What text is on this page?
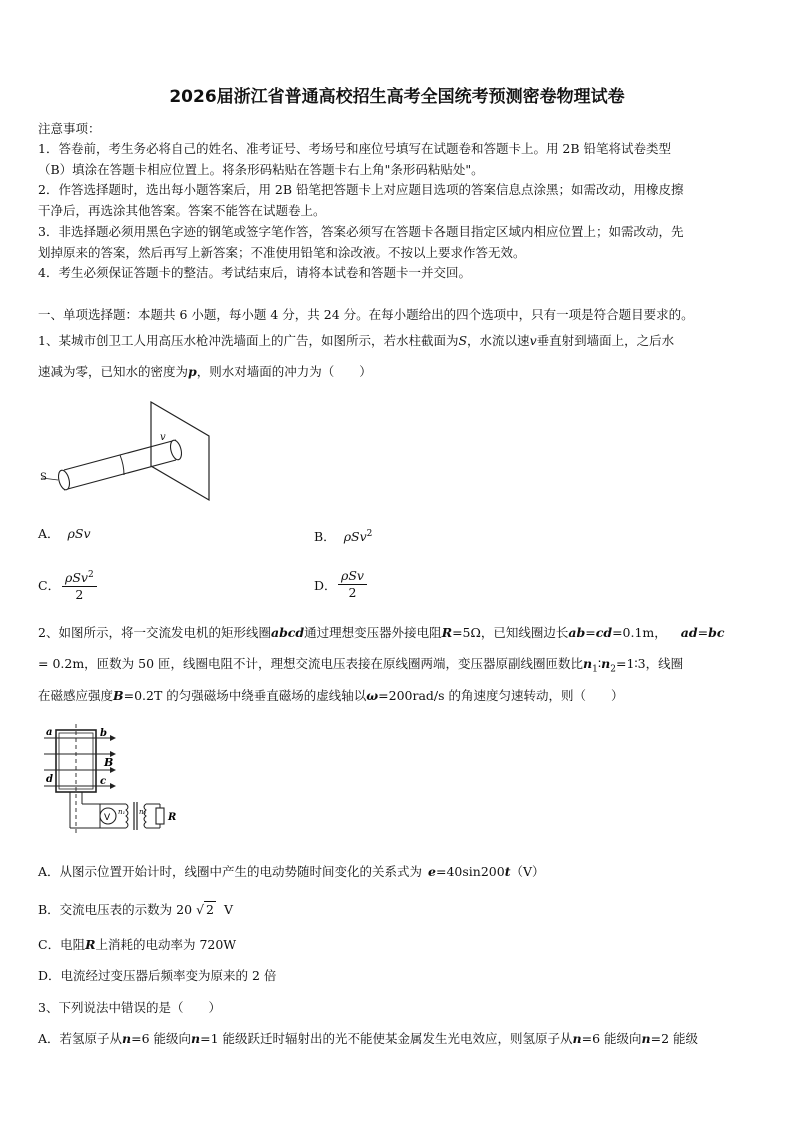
2026届浙江省普通高校招生高考全国统考预测密卷物理试卷
注意事项：
1．答卷前，考生务必将自己的姓名、准考证号、考场号和座位号填写在试题卷和答题卡上。用 2B 铅笔将试卷类型
（B）填涂在答题卡相应位置上。将条形码粘贴在答题卡右上角"条形码粘贴处"。
2．作答选择题时，选出每小题答案后，用 2B 铅笔把答题卡上对应题目选项的答案信息点涂黑；如需改动，用橡皮擦
干净后，再选涂其他答案。答案不能答在试题卷上。
3．非选择题必须用黑色字迹的钢笔或签字笔作答，答案必须写在答题卡各题目指定区域内相应位置上；如需改动，先
划掉原来的答案，然后再写上新答案；不准使用铅笔和涂改液。不按以上要求作答无效。
4．考生必须保证答题卡的整洁。考试结束后，请将本试卷和答题卡一并交回。
一、单项选择题：本题共 6 小题，每小题 4 分，共 24 分。在每小题给出的四个选项中，只有一项是符合题目要求的。
1、某城市创卫工人用高压水枪冲洗墙面上的广告，如图所示，若水柱截面为S，水流以速v垂直射到墙面上，之后水
速减为零，已知水的密度为p，则水对墙面的冲力为（　　）
S
v
A． ρSv	B． ρSv$^2$
C．
ρSv$^2$
2
D．
ρSv
2
2、如图所示，将一交流发电机的矩形线圈abcd通过理想变压器外接电阻R=5Ω，已知线圈边长ab=cd=0.1m， ad=bc
= 0.2m，匝数为 50 匝，线圈电阻不计，理想交流电压表接在原线圈两端，变压器原副线圈匝数比$n_1∶n_2=1∶3$，线圈
在磁感应强度B=0.2T 的匀强磁场中绕垂直磁场的虚线轴以ω=200rad/s 的角速度匀速转动，则（　　）
a	b
B
d	c
V
n₁ n₂ R
A．从图示位置开始计时，线圈中产生的电动势随时间变化的关系式为 e=40sin200t（V）
B．交流电压表的示数为 20 √ 2 V
C．电阻R上消耗的电动率为 720W
D．电流经过变压器后频率变为原来的 2 倍
3、下列说法中错误的是（　　）
A．若氢原子从n=6 能级向n=1 能级跃迁时辐射出的光不能使某金属发生光电效应，则氢原子从n=6 能级向n=2 能级
